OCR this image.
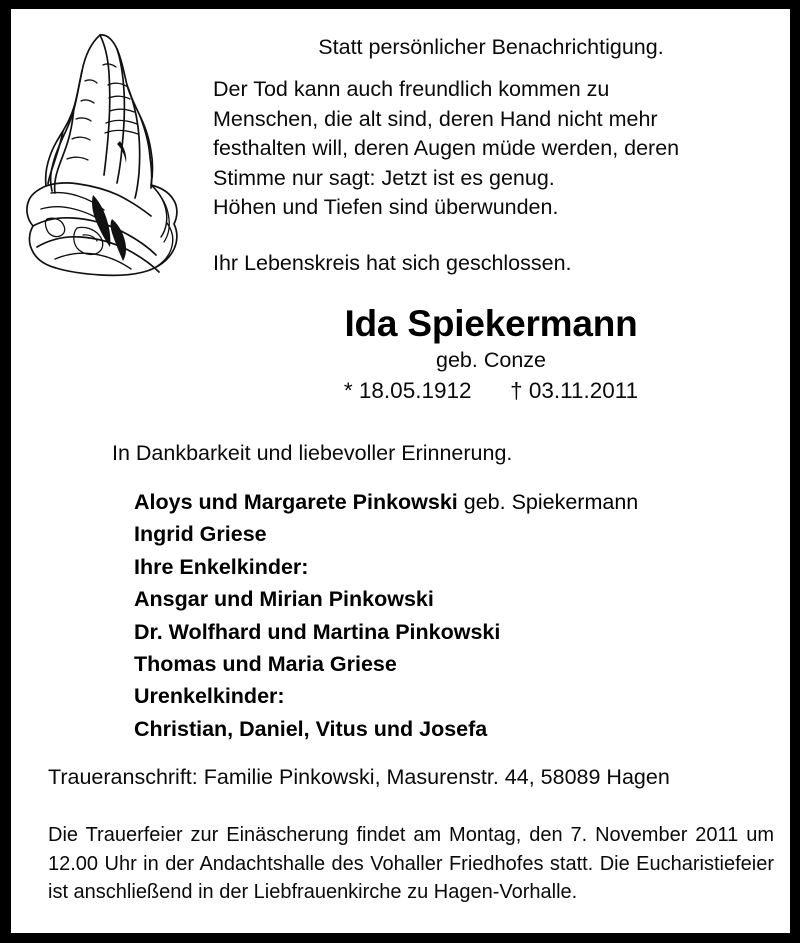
Statt persönlicher Benachrichtigung.
Der Tod kann auch freundlich kommen zu
Menschen, die alt sind, deren Hand nicht mehr
festhalten will, deren Augen müde werden, deren
Stimme nur sagt: Jetzt ist es genug.
Höhen und Tiefen sind überwunden.
Ihr Lebenskreis hat sich geschlossen.
Ida Spiekermann
geb. Conze
* 18.05.1912 † 03.11.2011
In Dankbarkeit und liebevoller Erinnerung.
Aloys und Margarete Pinkowski geb. Spiekermann
Ingrid Griese
Ihre Enkelkinder:
Ansgar und Mirian Pinkowski
Dr. Wolfhard und Martina Pinkowski
Thomas und Maria Griese
Urenkelkinder:
Christian, Daniel, Vitus und Josefa
Traueranschrift: Familie Pinkowski, Masurenstr. 44, 58089 Hagen
Die Trauerfeier zur Einäscherung findet am Montag, den 7. November 2011 um 12.00 Uhr in der Andachtshalle des Vohaller Friedhofes statt. Die Eucharistiefeier ist anschließend in der Liebfrauenkirche zu Hagen-Vorhalle.
